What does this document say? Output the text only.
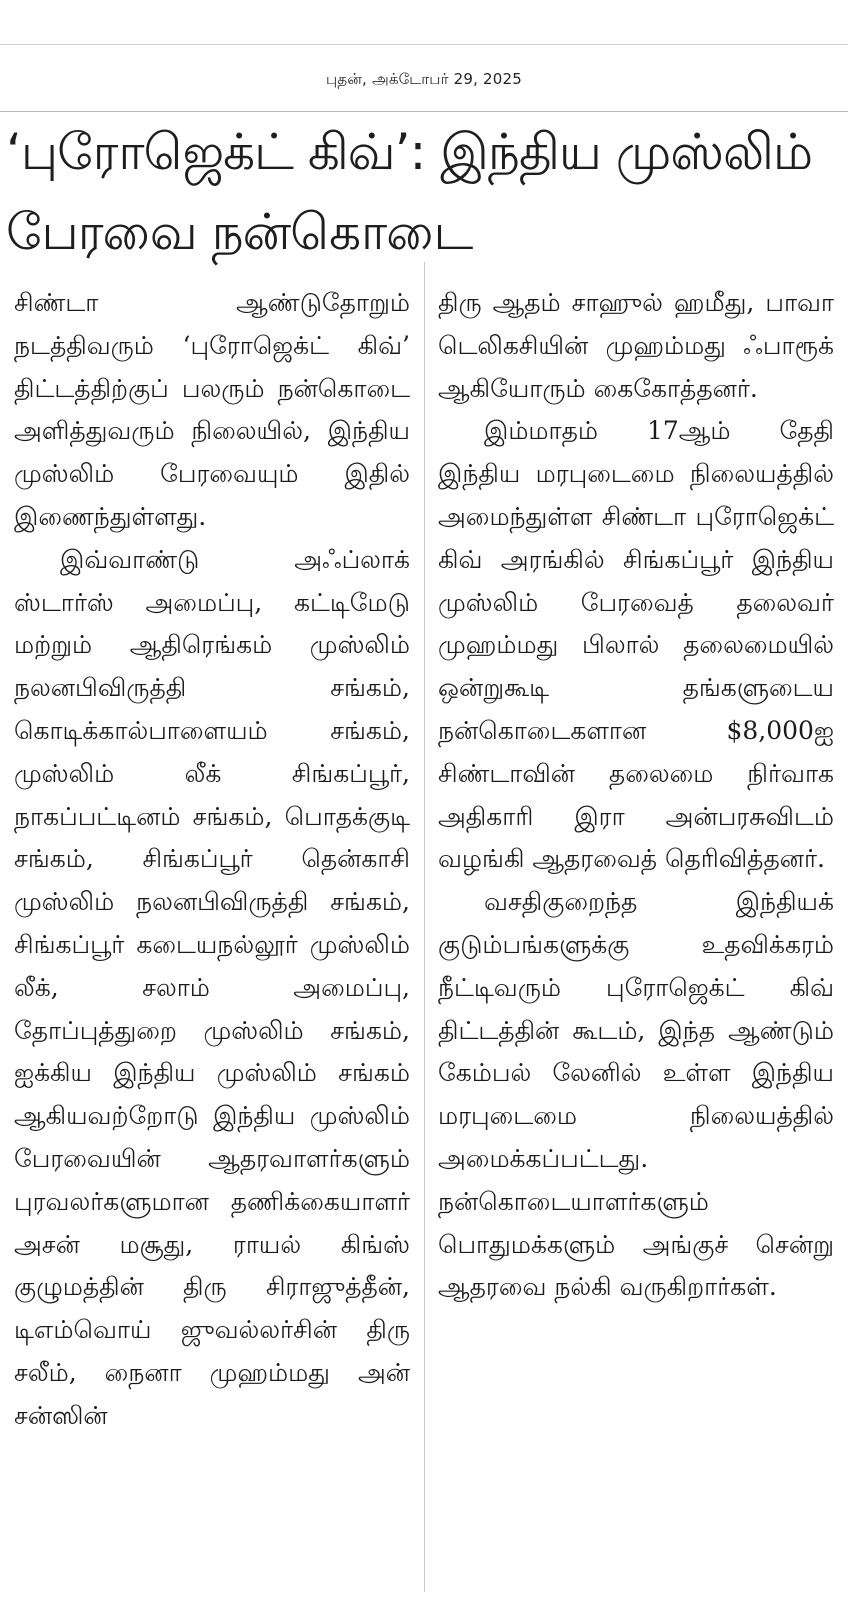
புதன், அக்டோபர் 29, 2025
‘புரோஜெக்ட் கிவ்’: இந்திய முஸ்லிம் பேரவை நன்கொடை

சிண்டா ஆண்டுதோறும் நடத்திவரும் ‘புரோஜெக்ட் கிவ்’ திட்டத்திற்குப் பலரும் நன்கொடை அளித்துவரும் நிலையில், இந்திய முஸ்லிம் பேரவையும் இதில் இணைந்துள்ளது.

இவ்வாண்டு அஃப்லாக் ஸ்டார்ஸ் அமைப்பு, கட்டிமேடு மற்றும் ஆதிரெங்கம் முஸ்லிம் நலனபிவிருத்தி சங்கம், கொடிக்கால்பாளையம் சங்கம், முஸ்லிம் லீக் சிங்கப்பூர், நாகப்பட்டினம் சங்கம், பொதக்குடி சங்கம், சிங்கப்பூர் தென்காசி முஸ்லிம் நலனபிவிருத்தி சங்கம், சிங்கப்பூர் கடையநல்லூர் முஸ்லிம் லீக், சலாம் அமைப்பு, தோப்புத்துறை முஸ்லிம் சங்கம், ஐக்கிய இந்திய முஸ்லிம் சங்கம் ஆகியவற்றோடு இந்திய முஸ்லிம் பேரவையின் ஆதரவாளர்களும் புரவலர்களுமான தணிக்கையாளர் அசன் மசூது, ராயல் கிங்ஸ் குழுமத்தின் திரு சிராஜுத்தீன், டிஎம்வொய் ஜுவல்லர்சின் திரு சலீம், நைனா முஹம்மது அன் சன்ஸின்

திரு ஆதம் சாஹுல் ஹமீது, பாவா டெலிகசியின் முஹம்மது ஃபாரூக் ஆகியோரும் கைகோத்தனர்.

இம்மாதம் 17ஆம் தேதி இந்திய மரபுடைமை நிலையத்தில் அமைந்துள்ள சிண்டா புரோஜெக்ட் கிவ் அரங்கில் சிங்கப்பூர் இந்திய முஸ்லிம் பேரவைத் தலைவர் முஹம்மது பிலால் தலைமையில் ஒன்றுகூடி தங்களுடைய நன்கொடைகளான $8,000ஐ சிண்டாவின் தலைமை நிர்வாக அதிகாரி இரா அன்பரசுவிடம் வழங்கி ஆதரவைத் தெரிவித்தனர்.

வசதிகுறைந்த இந்தியக் குடும்பங்களுக்கு உதவிக்கரம் நீட்டிவரும் புரோஜெக்ட் கிவ் திட்டத்தின் கூடம், இந்த ஆண்டும் கேம்பல் லேனில் உள்ள இந்திய மரபுடைமை நிலையத்தில் அமைக்கப்பட்டது. நன்கொடையாளர்களும் பொதுமக்களும் அங்குச் சென்று ஆதரவை நல்கி வருகிறார்கள்.
